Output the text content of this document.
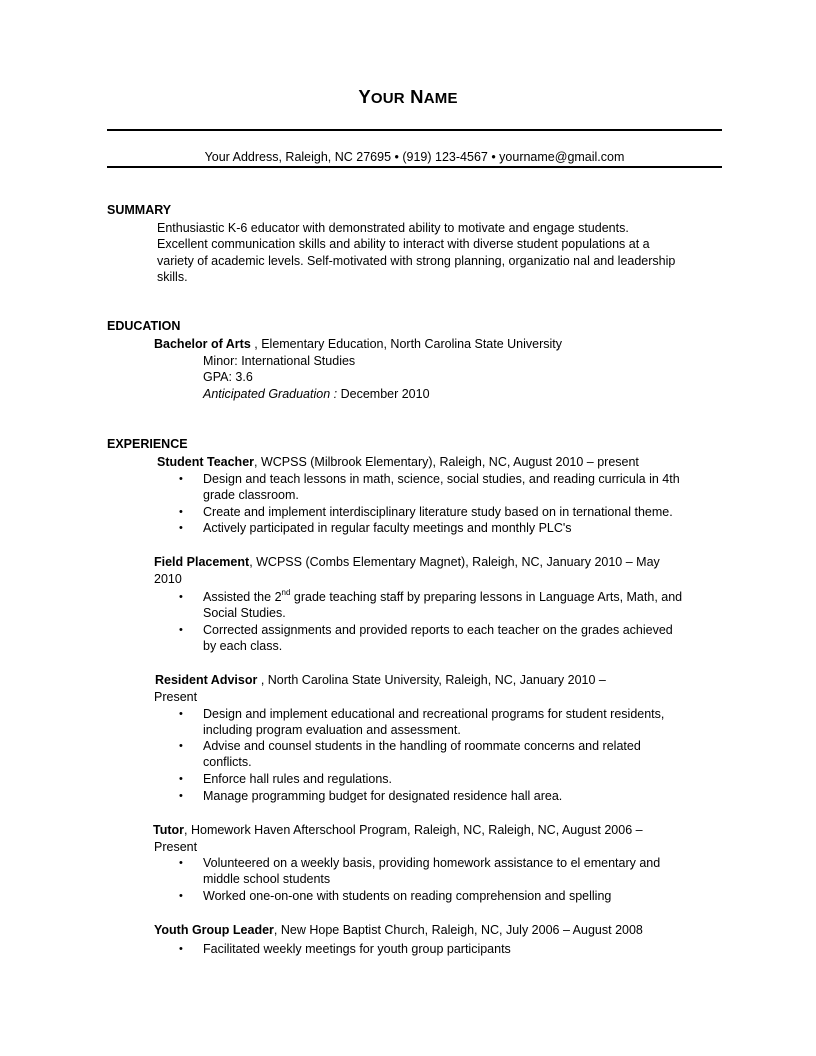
YOUR NAME
Your Address, Raleigh, NC 27695 • (919) 123-4567 • yourname@gmail.com
SUMMARY
Enthusiastic K-6 educator with demonstrated ability to motivate and engage students.
Excellent communication skills and ability to interact with diverse student populations at a
variety of academic levels. Self-motivated with strong planning, organizatio nal and leadership
skills.
EDUCATION
Bachelor of Arts , Elementary Education, North Carolina State University
Minor: International Studies
GPA: 3.6
Anticipated Graduation : December 2010
EXPERIENCE
Student Teacher, WCPSS (Milbrook Elementary), Raleigh, NC, August 2010 – present
• Design and teach lessons in math, science, social studies, and reading curricula in 4th
grade classroom.
• Create and implement interdisciplinary literature study based on in ternational theme.
• Actively participated in regular faculty meetings and monthly PLC's
Field Placement, WCPSS (Combs Elementary Magnet), Raleigh, NC, January 2010 – May
2010
• Assisted the 2nd grade teaching staff by preparing lessons in Language Arts, Math, and
Social Studies.
• Corrected assignments and provided reports to each teacher on the grades achieved
by each class.
Resident Advisor , North Carolina State University, Raleigh, NC, January 2010 –
Present
• Design and implement educational and recreational programs for student residents,
including program evaluation and assessment.
• Advise and counsel students in the handling of roommate concerns and related
conflicts.
• Enforce hall rules and regulations.
• Manage programming budget for designated residence hall area.
Tutor, Homework Haven Afterschool Program, Raleigh, NC, Raleigh, NC, August 2006 –
Present
• Volunteered on a weekly basis, providing homework assistance to el ementary and
middle school students
• Worked one-on-one with students on reading comprehension and spelling
Youth Group Leader, New Hope Baptist Church, Raleigh, NC, July 2006 – August 2008
• Facilitated weekly meetings for youth group participants
